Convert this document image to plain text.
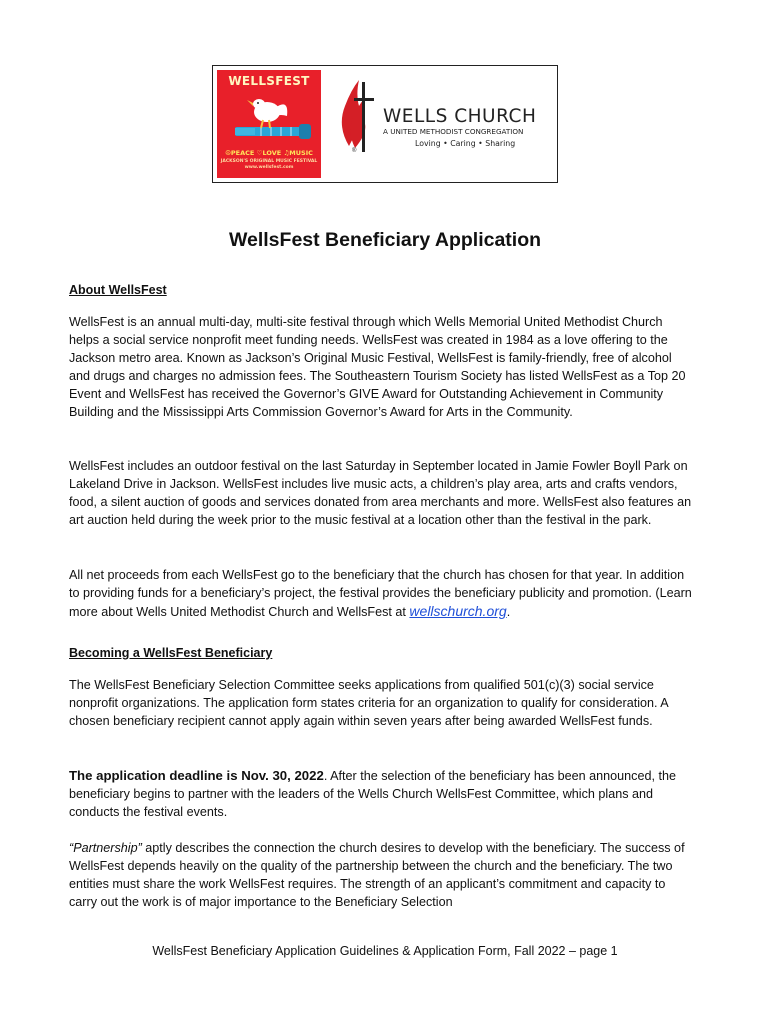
WELLSFEST
☮PEACE ♡LOVE ♫MUSIC
JACKSON'S ORIGINAL MUSIC FESTIVAL
www.wellsfest.com
®
WELLS CHURCH
A UNITED METHODIST CONGREGATION
Loving • Caring • Sharing
WellsFest Beneficiary Application
About WellsFest

WellsFest is an annual multi-day, multi-site festival through which Wells Memorial United Methodist Church helps a social service nonprofit meet funding needs. WellsFest was created in 1984 as a love offering to the Jackson metro area. Known as Jackson’s Original Music Festival, WellsFest is family-friendly, free of alcohol and drugs and charges no admission fees. The Southeastern Tourism Society has listed WellsFest as a Top 20 Event and WellsFest has received the Governor’s GIVE Award for Outstanding Achievement in Community Building and the Mississippi Arts Commission Governor’s Award for Arts in the Community.

WellsFest includes an outdoor festival on the last Saturday in September located in Jamie Fowler Boyll Park on Lakeland Drive in Jackson. WellsFest includes live music acts, a children’s play area, arts and crafts vendors, food, a silent auction of goods and services donated from area merchants and more. WellsFest also features an art auction held during the week prior to the music festival at a location other than the festival in the park.

All net proceeds from each WellsFest go to the beneficiary that the church has chosen for that year. In addition to providing funds for a beneficiary’s project, the festival provides the beneficiary publicity and promotion. (Learn more about Wells United Methodist Church and WellsFest at wellschurch.org.

Becoming a WellsFest Beneficiary

The WellsFest Beneficiary Selection Committee seeks applications from qualified 501(c)(3) social service nonprofit organizations. The application form states criteria for an organization to qualify for consideration. A chosen beneficiary recipient cannot apply again within seven years after being awarded WellsFest funds.

The application deadline is Nov. 30, 2022. After the selection of the beneficiary has been announced, the beneficiary begins to partner with the leaders of the Wells Church WellsFest Committee, which plans and conducts the festival events.

“Partnership” aptly describes the connection the church desires to develop with the beneficiary. The success of WellsFest depends heavily on the quality of the partnership between the church and the beneficiary. The two entities must share the work WellsFest requires. The strength of an applicant’s commitment and capacity to carry out the work is of major importance to the Beneficiary Selection

WellsFest Beneficiary Application Guidelines & Application Form, Fall 2022 – page 1
